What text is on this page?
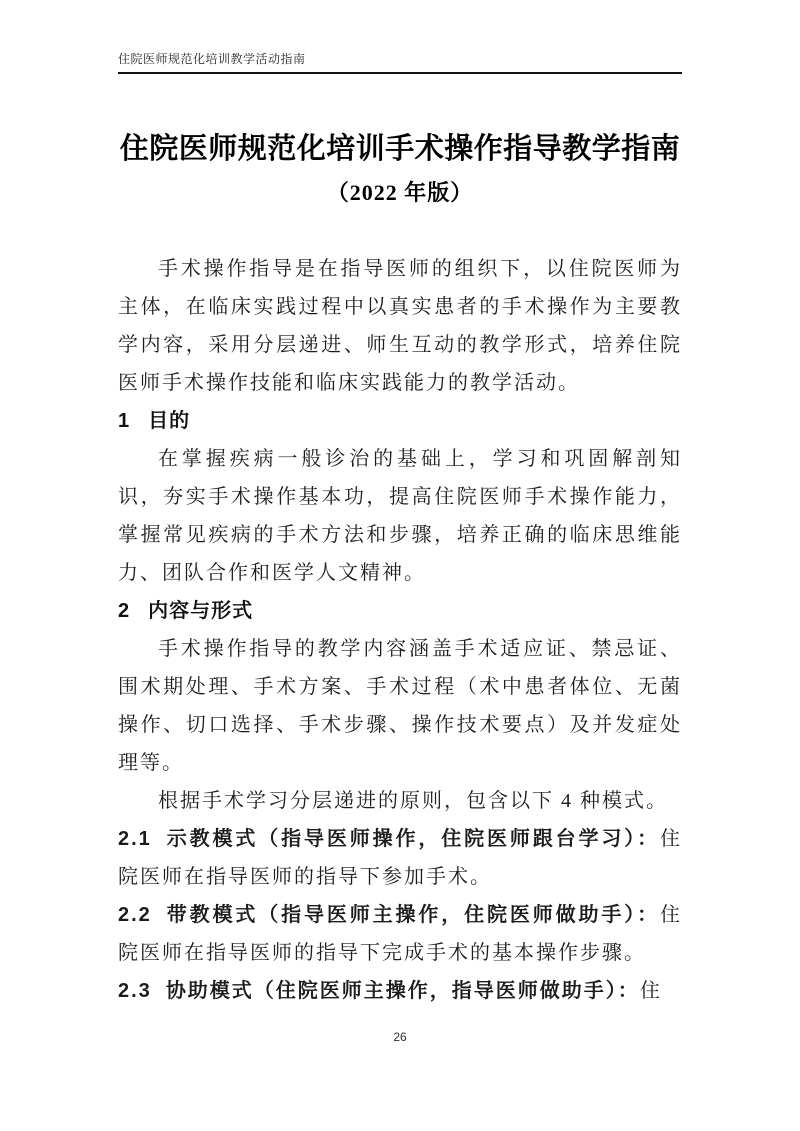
住院医师规范化培训教学活动指南
住院医师规范化培训手术操作指导教学指南
（2022 年版）

手术操作指导是在指导医师的组织下，以住院医师为主体，在临床实践过程中以真实患者的手术操作为主要教学内容，采用分层递进、师生互动的教学形式，培养住院医师手术操作技能和临床实践能力的教学活动。

1 目的

在掌握疾病一般诊治的基础上，学习和巩固解剖知识，夯实手术操作基本功，提高住院医师手术操作能力，掌握常见疾病的手术方法和步骤，培养正确的临床思维能力、团队合作和医学人文精神。

2 内容与形式

手术操作指导的教学内容涵盖手术适应证、禁忌证、围术期处理、手术方案、手术过程（术中患者体位、无菌操作、切口选择、手术步骤、操作技术要点）及并发症处理等。

根据手术学习分层递进的原则，包含以下 4 种模式。

2.1 示教模式（指导医师操作，住院医师跟台学习）：住院医师在指导医师的指导下参加手术。

2.2 带教模式（指导医师主操作，住院医师做助手）：住院医师在指导医师的指导下完成手术的基本操作步骤。

2.3 协助模式（住院医师主操作，指导医师做助手）：住

26
